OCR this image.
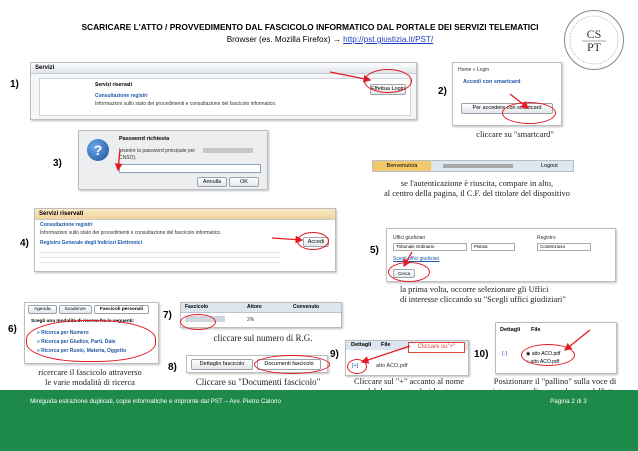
SCARICARE L'ATTO / PROVVEDIMENTO DAL FASCICOLO INFORMATICO DAL PORTALE DEI SERVIZI TELEMATICI
Browser (es. Mozilla Firefox) → http://pst.giustizia.it/PST/	CS
PT
1)
Servizi
Servizi riservati
Consultazione registri
Informazioni sullo stato dei procedimenti e consultazione del fascicolo informatico.
Effettua Login	2)
Home » Login
Accedi con smartcard
Per accedere con smartcard
cliccare su "smartcard"
3)
?
Password richiesta
Inserire la password principale per
CNSO).
Annulla	OK
Benvenuto/a	Logout
se l'autenticazione è riuscita, compare in alto,
al centro della pagina, il C.F. del titolare del dispositivo
4)
Servizi riservati
Consultazione registri
Informazioni sullo stato dei procedimenti e consultazione del fascicolo informatico.
Registro Generale degli Indirizzi Elettronici	Accedi
5)
Uffici giudiziari
Tribunale Ordinario	Pistoia
Registro
Contenzioso
Scegli uffici giudiziari
Cerca
la prima volta, occorre selezionare gli Uffici
di interesse cliccando su "Scegli uffici giudiziari"
6)
Agenda	Scadenze	Fascicoli personali
Scegli una modalità di ricerca fra le seguenti:
» Ricerca per Numero
» Ricerca per Giudice, Parti, Date
» Ricerca per Ruolo, Materia, Oggetto
ricercare il fascicolo attraverso
le varie modalità di ricerca
7)
Fascicolo	Attore	Convenuto
2%
cliccare sul numero di R.G.
8)	Dettaglio fascicolo	Documenti fascicolo
Cliccare su "Documenti fascicolo"
9)
Dettagli File	Cliccare su"+"
[+]	atto ACO.pdf
Cliccare sul "+" accanto al nome
10)
Dettagli File
[-]	◉ atto ACO.pdf
○ atto ACO.pdf
Posizionare il "pallino" sulla voce di
Miniguida estrazione duplicati, copie informatiche e impronte dal PST – Avv. Pietro Calorio	Pagina 2 di 3
